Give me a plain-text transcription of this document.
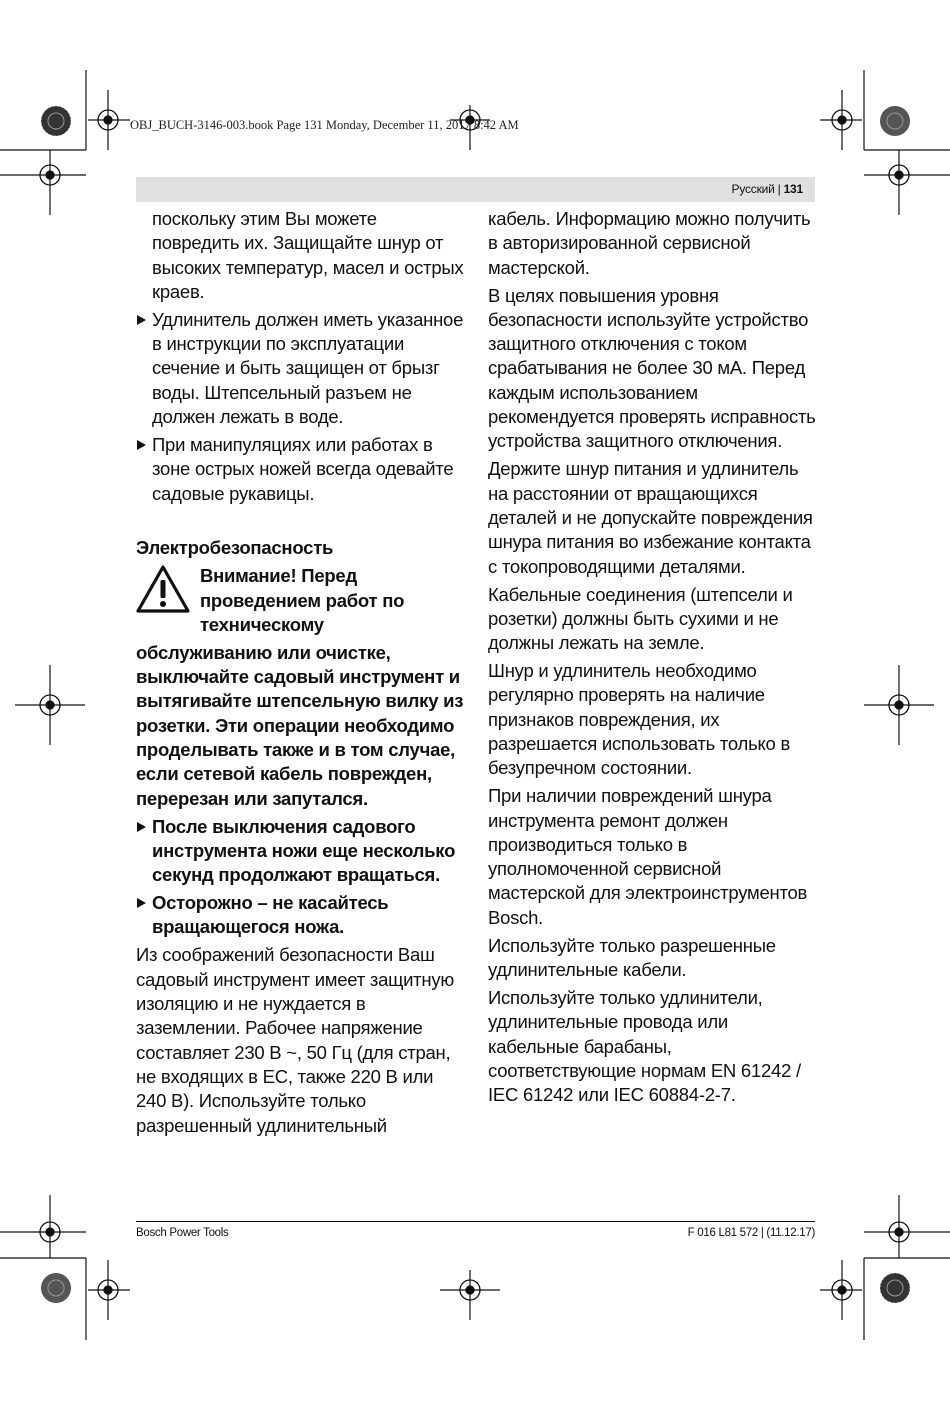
OBJ_BUCH-3146-003.book Page 131 Monday, December 11, 2017 8:42 AM
Русский | 131

поскольку этим Вы можете повредить их. Защищайте шнур от высоких температур, масел и острых краев.

Удлинитель должен иметь указанное в инструкции по эксплуатации сечение и быть защищен от брызг воды. Штепсельный разъем не должен лежать в воде.
При манипуляциях или работах в зоне острых ножей всегда одевайте садовые рукавицы.

Электробезопасность

Внимание! Перед проведением работ по техническому

обслуживанию или очистке, выключайте садовый инструмент и вытягивайте штепсельную вилку из розетки. Эти операции необходимо проделывать также и в том случае, если сетевой кабель поврежден, перерезан или запутался.

После выключения садового инструмента ножи еще несколько секунд продолжают вращаться.
Осторожно – не касайтесь вращающегося ножа.

Из соображений безопасности Ваш садовый инструмент имеет защитную изоляцию и не нуждается в заземлении. Рабочее напряжение составляет 230 В ~, 50 Гц (для стран, не входящих в ЕС, также 220 В или 240 В). Используйте только разрешенный удлинительный

кабель. Информацию можно получить в авторизированной сервисной мастерской.

В целях повышения уровня безопасности используйте устройство защитного отключения с током срабатывания не более 30 мА. Перед каждым использованием рекомендуется проверять исправность устройства защитного отключения.

Держите шнур питания и удлинитель на расстоянии от вращающихся деталей и не допускайте повреждения шнура питания во избежание контакта с токопроводящими деталями.

Кабельные соединения (штепсели и розетки) должны быть сухими и не должны лежать на земле.

Шнур и удлинитель необходимо регулярно проверять на наличие признаков повреждения, их разрешается использовать только в безупречном состоянии.

При наличии повреждений шнура инструмента ремонт должен производиться только в уполномоченной сервисной мастерской для электроинструментов Bosch.

Используйте только разрешенные удлинительные кабели.

Используйте только удлинители, удлинительные провода или кабельные барабаны, соответствующие нормам EN 61242 / IEC 61242 или IEC 60884-2-7.

Bosch Power Tools	F 016 L81 572 | (11.12.17)
